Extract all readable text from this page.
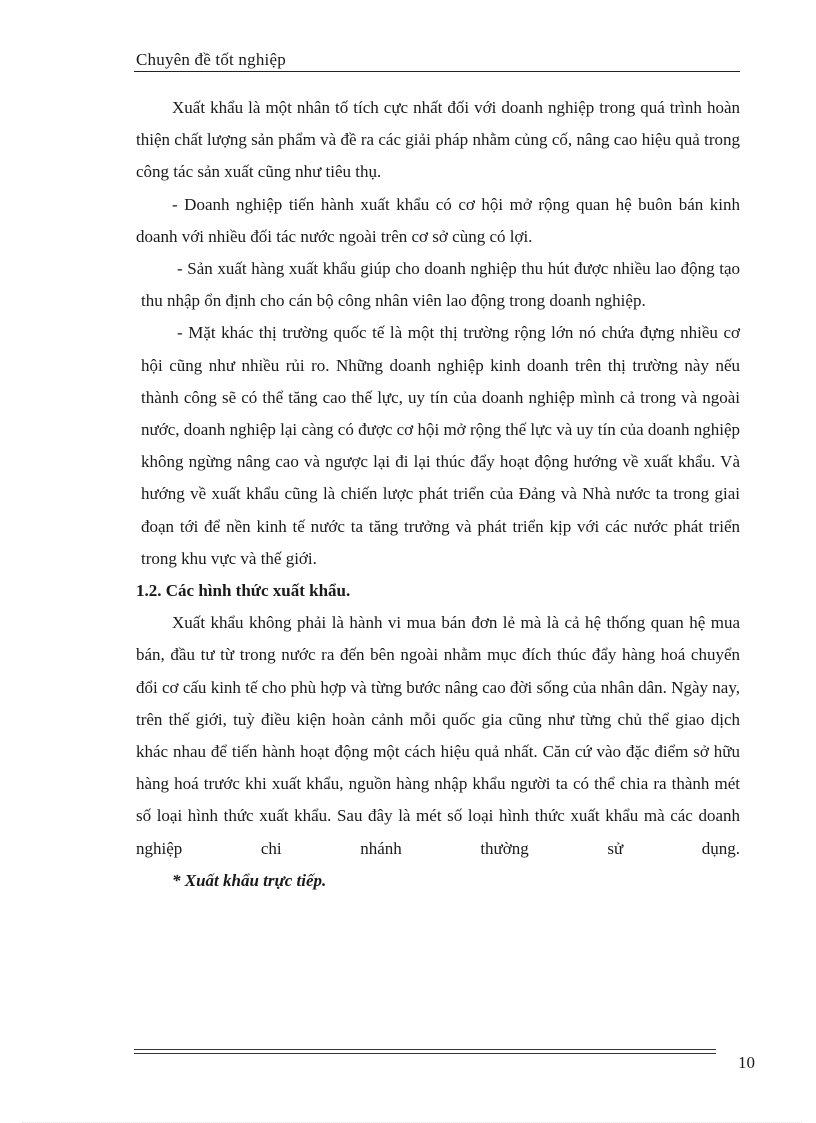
Chuyên đề tốt nghiệp

Xuất khẩu là một nhân tố tích cực nhất đối với doanh nghiệp trong quá trình hoàn thiện chất lượng sản phẩm và đề ra các giải pháp nhằm củng cố, nâng cao hiệu quả trong công tác sản xuất cũng như tiêu thụ.

- Doanh nghiệp tiến hành xuất khẩu có cơ hội mở rộng quan hệ buôn bán kinh doanh với nhiều đối tác nước ngoài trên cơ sở cùng có lợi.

- Sản xuất hàng xuất khẩu giúp cho doanh nghiệp thu hút được nhiều lao động tạo thu nhập ổn định cho cán bộ công nhân viên lao động trong doanh nghiệp.

- Mặt khác thị trường quốc tế là một thị trường rộng lớn nó chứa đựng nhiều cơ hội cũng như nhiều rủi ro. Những doanh nghiệp kinh doanh trên thị trường này nếu thành công sẽ có thể tăng cao thế lực, uy tín của doanh nghiệp mình cả trong và ngoài nước, doanh nghiệp lại càng có được cơ hội mở rộng thế lực và uy tín của doanh nghiệp không ngừng nâng cao và ngược lại đi lại thúc đẩy hoạt động hướng về xuất khẩu. Và hướng về xuất khẩu cũng là chiến lược phát triển của Đảng và Nhà nước ta trong giai đoạn tới để nền kinh tế nước ta tăng trưởng và phát triển kịp với các nước phát triển trong khu vực và thế giới.

1.2. Các hình thức xuất khẩu.

Xuất khẩu không phải là hành vi mua bán đơn lẻ mà là cả hệ thống quan hệ mua bán, đầu tư từ trong nước ra đến bên ngoài nhằm mục đích thúc đẩy hàng hoá chuyển đổi cơ cấu kinh tế cho phù hợp và từng bước nâng cao đời sống của nhân dân. Ngày nay, trên thế giới, tuỳ điều kiện hoàn cảnh mỗi quốc gia cũng như từng chủ thể giao dịch khác nhau để tiến hành hoạt động một cách hiệu quả nhất. Căn cứ vào đặc điểm sở hữu hàng hoá trước khi xuất khẩu, nguồn hàng nhập khẩu người ta có thể chia ra thành mét số loại hình thức xuất khẩu. Sau đây là mét số loại hình thức xuất khẩu mà các doanh nghiệp chi nhánh thường sử dụng.

* Xuất khẩu trực tiếp.

10
